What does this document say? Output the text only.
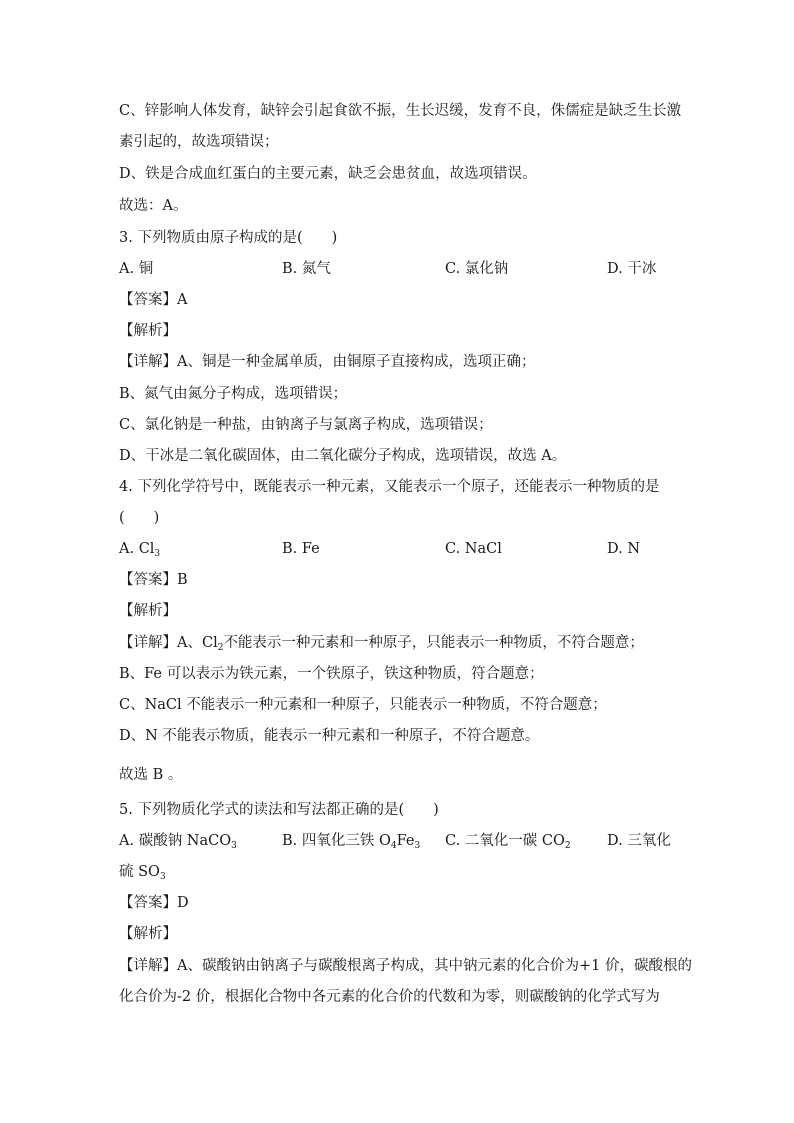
C、锌影响人体发育，缺锌会引起食欲不振，生长迟缓，发育不良，侏儒症是缺乏生长激
素引起的，故选项错误；
D、铁是合成血红蛋白的主要元素，缺乏会患贫血，故选项错误。
故选：A。
3. 下列物质由原子构成的是(　　)
A. 铜	B. 氮气	C. 氯化钠	D. 干冰
【答案】A
【解析】
【详解】A、铜是一种金属单质，由铜原子直接构成，选项正确；
B、氮气由氮分子构成，选项错误；
C、氯化钠是一种盐，由钠离子与氯离子构成，选项错误；
D、干冰是二氧化碳固体，由二氧化碳分子构成，选项错误，故选 A。
4. 下列化学符号中，既能表示一种元素，又能表示一个原子，还能表示一种物质的是
(　　)
A. $Cl_3$	B. Fe	C. NaCl	D. N
【答案】B
【解析】
【详解】A、$Cl_2$不能表示一种元素和一种原子，只能表示一种物质，不符合题意；
B、Fe 可以表示为铁元素，一个铁原子，铁这种物质，符合题意；
C、NaCl 不能表示一种元素和一种原子，只能表示一种物质，不符合题意；
D、N 不能表示物质，能表示一种元素和一种原子，不符合题意。
故选 B 。
5. 下列物质化学式的读法和写法都正确的是(　　)
A. 碳酸钠 NaCO$_3$	B. 四氧化三铁 $O_4Fe_3$ C. 二氧化一碳 $CO_2$	D. 三氧化
硫 $SO_3$
【答案】D
【解析】
【详解】A、碳酸钠由钠离子与碳酸根离子构成，其中钠元素的化合价为+1 价，碳酸根的
化合价为-2 价，根据化合物中各元素的化合价的代数和为零，则碳酸钠的化学式写为
